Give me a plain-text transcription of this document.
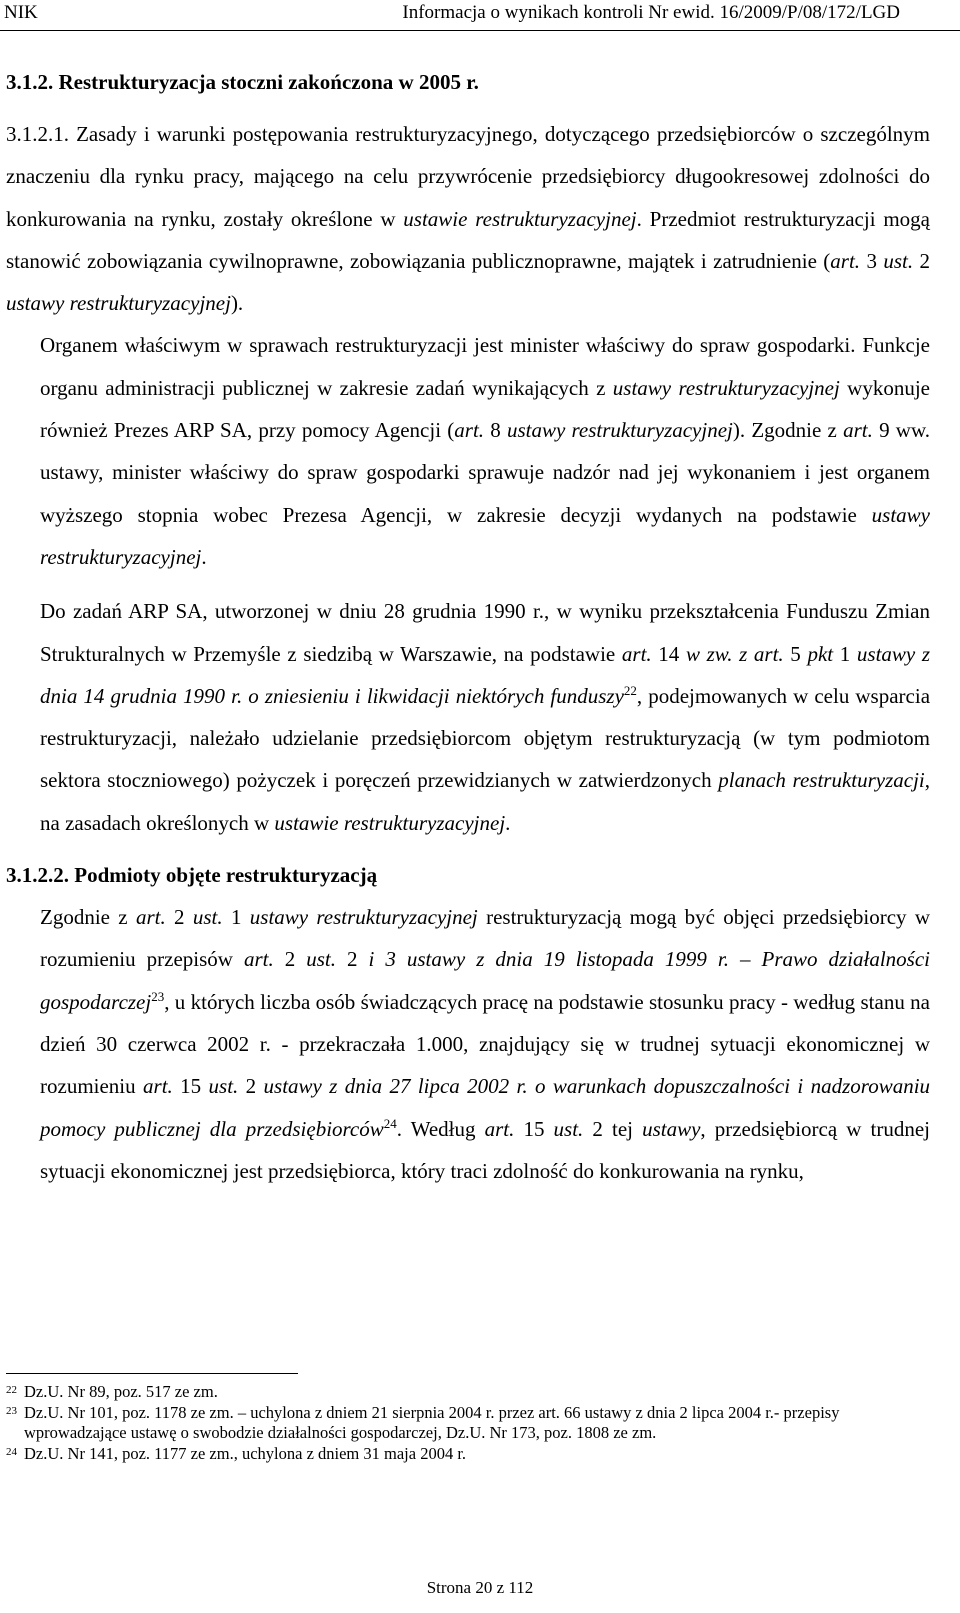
NIK	Informacja o wynikach kontroli Nr ewid. 16/2009/P/08/172/LGD
3.1.2. Restrukturyzacja stoczni zakończona w 2005 r.

3.1.2.1. Zasady i warunki postępowania restrukturyzacyjnego, dotyczącego przedsiębiorców o szczególnym znaczeniu dla rynku pracy, mającego na celu przywrócenie przedsiębiorcy długookresowej zdolności do konkurowania na rynku, zostały określone w ustawie restrukturyzacyjnej. Przedmiot restrukturyzacji mogą stanowić zobowiązania cywilnoprawne, zobowiązania publicznoprawne, majątek i zatrudnienie (art. 3 ust. 2 ustawy restrukturyzacyjnej).

Organem właściwym w sprawach restrukturyzacji jest minister właściwy do spraw gospodarki. Funkcje organu administracji publicznej w zakresie zadań wynikających z ustawy restrukturyzacyjnej wykonuje również Prezes ARP SA, przy pomocy Agencji (art. 8 ustawy restrukturyzacyjnej). Zgodnie z art. 9 ww. ustawy, minister właściwy do spraw gospodarki sprawuje nadzór nad jej wykonaniem i jest organem wyższego stopnia wobec Prezesa Agencji, w zakresie decyzji wydanych na podstawie ustawy restrukturyzacyjnej.

Do zadań ARP SA, utworzonej w dniu 28 grudnia 1990 r., w wyniku przekształcenia Funduszu Zmian Strukturalnych w Przemyśle z siedzibą w Warszawie, na podstawie art. 14 w zw. z art. 5 pkt 1 ustawy z dnia 14 grudnia 1990 r. o zniesieniu i likwidacji niektórych funduszy$^{22}$, podejmowanych w celu wsparcia restrukturyzacji, należało udzielanie przedsiębiorcom objętym restrukturyzacją (w tym podmiotom sektora stoczniowego) pożyczek i poręczeń przewidzianych w zatwierdzonych planach restrukturyzacji, na zasadach określonych w ustawie restrukturyzacyjnej.

3.1.2.2. Podmioty objęte restrukturyzacją

Zgodnie z art. 2 ust. 1 ustawy restrukturyzacyjnej restrukturyzacją mogą być objęci przedsiębiorcy w rozumieniu przepisów art. 2 ust. 2 i 3 ustawy z dnia 19 listopada 1999 r. – Prawo działalności gospodarczej$^{23}$, u których liczba osób świadczących pracę na podstawie stosunku pracy - według stanu na dzień 30 czerwca 2002 r. - przekraczała 1.000, znajdujący się w trudnej sytuacji ekonomicznej w rozumieniu art. 15 ust. 2 ustawy z dnia 27 lipca 2002 r. o warunkach dopuszczalności i nadzorowaniu pomocy publicznej dla przedsiębiorców$^{24}$. Według art. 15 ust. 2 tej ustawy, przedsiębiorcą w trudnej sytuacji ekonomicznej jest przedsiębiorca, który traci zdolność do konkurowania na rynku,

22 Dz.U. Nr 89, poz. 517 ze zm.
23 Dz.U. Nr 101, poz. 1178 ze zm. – uchylona z dniem 21 sierpnia 2004 r. przez art. 66 ustawy z dnia 2 lipca 2004 r.- przepisy wprowadzające ustawę o swobodzie działalności gospodarczej, Dz.U. Nr 173, poz. 1808 ze zm.
24 Dz.U. Nr 141, poz. 1177 ze zm., uchylona z dniem 31 maja 2004 r.
Strona 20 z 112
